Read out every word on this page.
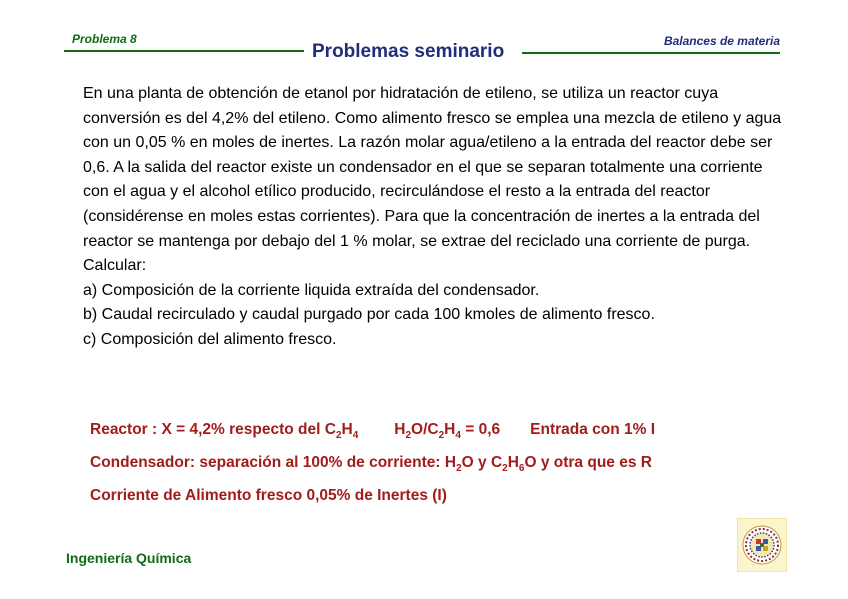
Problema 8
Problemas seminario	Balances de materia

En una planta de obtención de etanol por hidratación de etileno, se utiliza un reactor cuya conversión es del 4,2% del etileno. Como alimento fresco se emplea una mezcla de etileno y agua con un 0,05 % en moles de inertes. La razón molar agua/etileno a la entrada del reactor debe ser 0,6. A la salida del reactor existe un condensador en el que se separan totalmente una corriente con el agua y el alcohol etílico producido, recirculándose el resto a la entrada del reactor (considérense en moles estas corrientes). Para que la concentración de inertes a la entrada del reactor se mantenga por debajo del 1 % molar, se extrae del reciclado una corriente de purga.

Calcular:

a) Composición de la corriente liquida extraída del condensador.

b) Caudal recirculado y caudal purgado por cada 100 kmoles de alimento fresco.

c) Composición del alimento fresco.

Reactor : X = 4,2% respecto del $C_2H_4$ $H_2O/C_2H_4 = 0,6$ Entrada con 1% I
Condensador: separación al 100% de corriente: $H_2O$ y $C_2H_6O$ y otra que es R
Corriente de Alimento fresco 0,05% de Inertes (I)
Ingeniería Química
